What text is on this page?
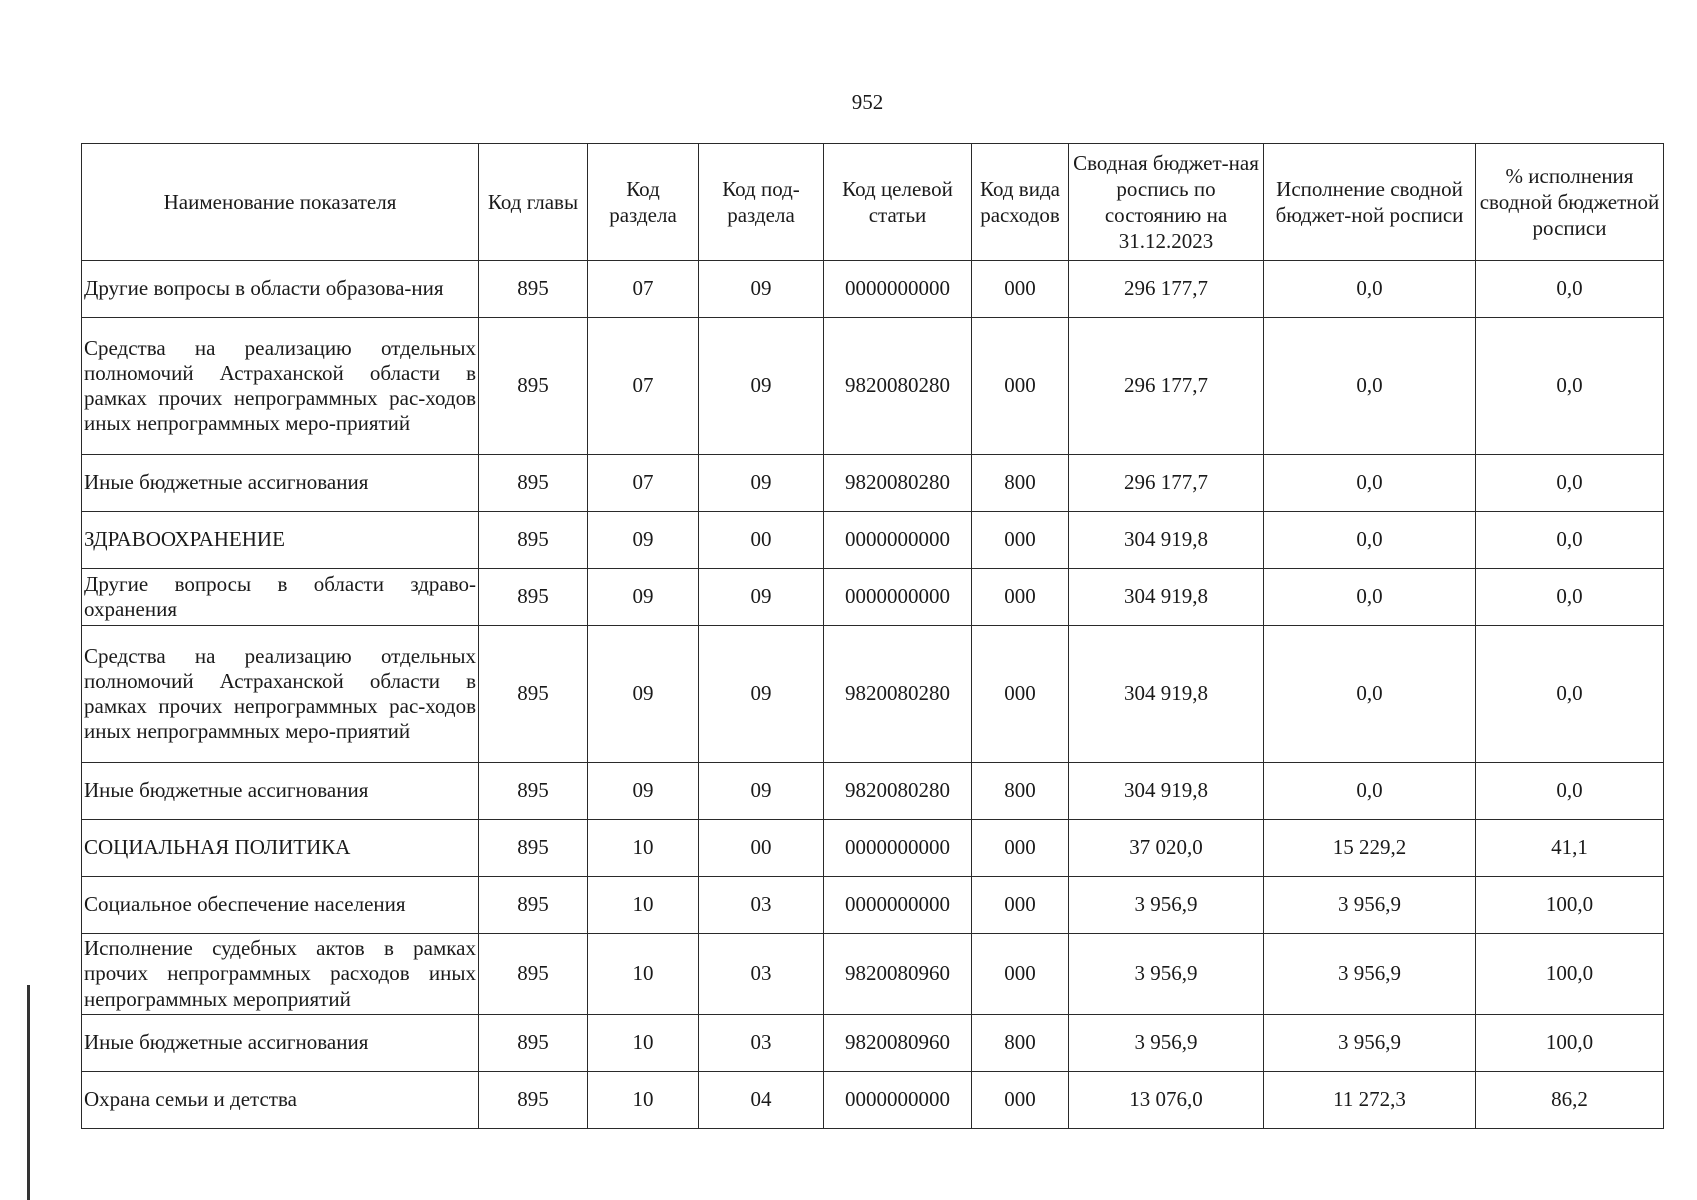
952
Наименование показателя	Код главы	Код раздела	Код под-раздела	Код целевой статьи	Код вида расходов	Сводная бюджет-ная роспись по состоянию на 31.12.2023	Исполнение сводной бюджет-ной росписи	% исполнения сводной бюджетной росписи
Другие вопросы в области образова-ния	895	07	09	0000000000	000	296 177,7	0,0	0,0
Средства на реализацию отдельных полномочий Астраханской области в рамках прочих непрограммных рас-ходов иных непрограммных меро-приятий	895	07	09	9820080280	000	296 177,7	0,0	0,0
Иные бюджетные ассигнования	895	07	09	9820080280	800	296 177,7	0,0	0,0
ЗДРАВООХРАНЕНИЕ	895	09	00	0000000000	000	304 919,8	0,0	0,0
Другие вопросы в области здраво-охранения	895	09	09	0000000000	000	304 919,8	0,0	0,0
Средства на реализацию отдельных полномочий Астраханской области в рамках прочих непрограммных рас-ходов иных непрограммных меро-приятий	895	09	09	9820080280	000	304 919,8	0,0	0,0
Иные бюджетные ассигнования	895	09	09	9820080280	800	304 919,8	0,0	0,0
СОЦИАЛЬНАЯ ПОЛИТИКА	895	10	00	0000000000	000	37 020,0	15 229,2	41,1
Социальное обеспечение населения	895	10	03	0000000000	000	3 956,9	3 956,9	100,0
Исполнение судебных актов в рамках прочих непрограммных расходов иных непрограммных мероприятий	895	10	03	9820080960	000	3 956,9	3 956,9	100,0
Иные бюджетные ассигнования	895	10	03	9820080960	800	3 956,9	3 956,9	100,0
Охрана семьи и детства	895	10	04	0000000000	000	13 076,0	11 272,3	86,2
